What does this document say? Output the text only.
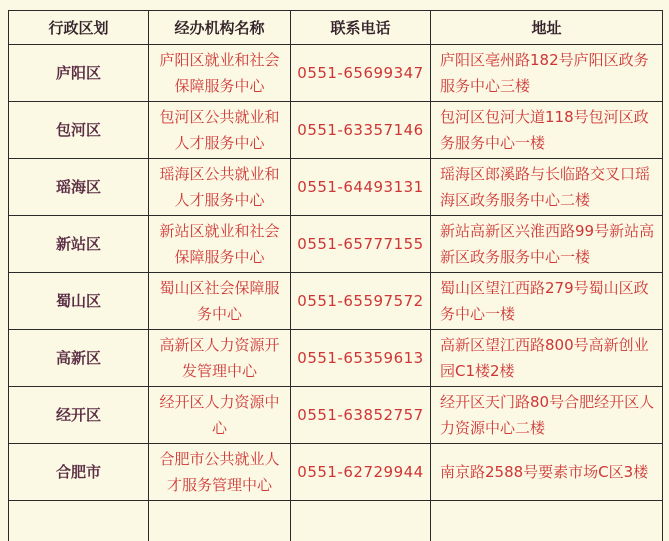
行政区划	经办机构名称	联系电话	地址
庐阳区	庐阳区就业和社会保障服务中心	0551-65699347	庐阳区亳州路182号庐阳区政务服务中心三楼
包河区	包河区公共就业和人才服务中心	0551-63357146	包河区包河大道118号包河区政务服务中心一楼
瑶海区	瑶海区公共就业和人才服务中心	0551-64493131	瑶海区郎溪路与长临路交叉口瑶海区政务服务中心二楼
新站区	新站区就业和社会保障服务中心	0551-65777155	新站高新区兴淮西路99号新站高新区政务服务中心一楼
蜀山区	蜀山区社会保障服务中心	0551-65597572	蜀山区望江西路279号蜀山区政务中心一楼
高新区	高新区人力资源开发管理中心	0551-65359613	高新区望江西路800号高新创业园C1楼2楼
经开区	经开区人力资源中心	0551-63852757	经开区天门路80号合肥经开区人力资源中心二楼
合肥市	合肥市公共就业人才服务管理中心	0551-62729944	南京路2588号要素市场C区3楼
